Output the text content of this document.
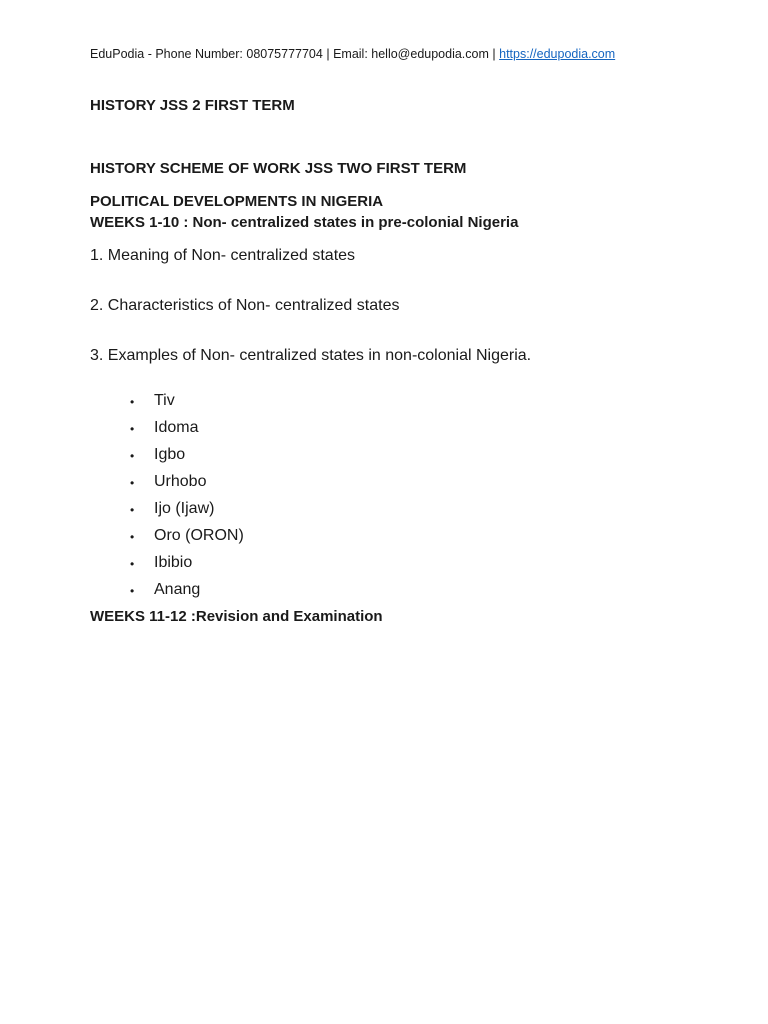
EduPodia - Phone Number: 08075777704 | Email: hello@edupodia.com | https://edupodia.com
HISTORY JSS 2 FIRST TERM
HISTORY SCHEME OF WORK JSS TWO FIRST TERM
POLITICAL DEVELOPMENTS IN NIGERIA
WEEKS 1-10 : Non- centralized states in pre-colonial Nigeria
1. Meaning of Non- centralized states
2. Characteristics of Non- centralized states
3. Examples of Non- centralized states in non-colonial Nigeria.
• Tiv
• Idoma
• Igbo
• Urhobo
• Ijo (Ijaw)
• Oro (ORON)
• Ibibio
• Anang
WEEKS 11-12 :Revision and Examination
